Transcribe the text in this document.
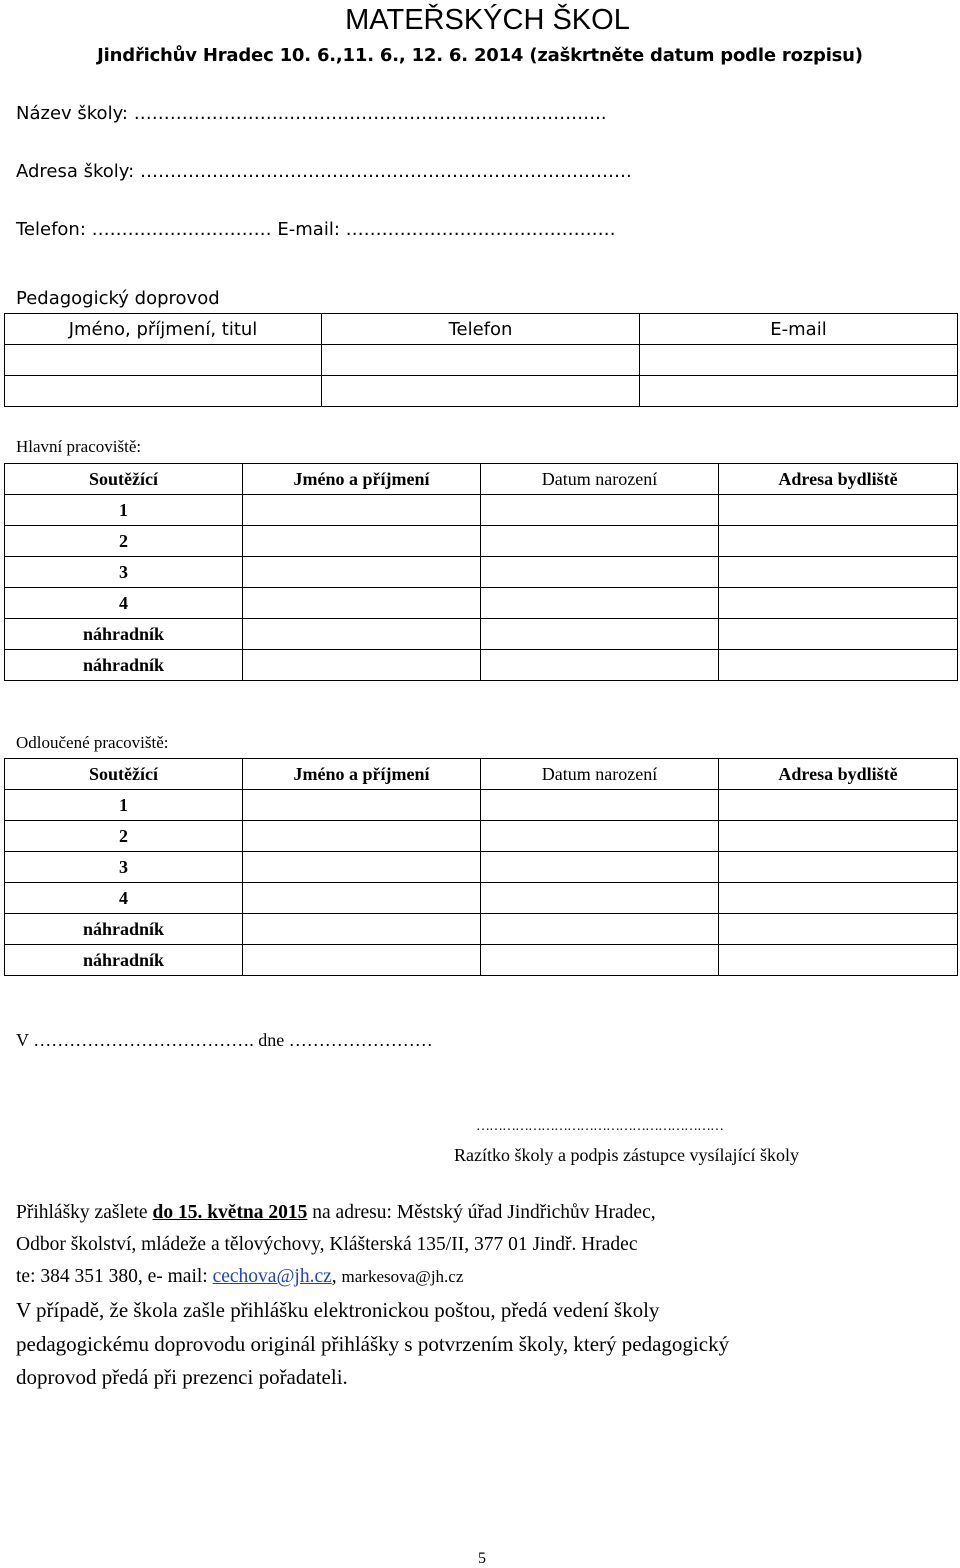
MATEŘSKÝCH ŠKOL
Jindřichův Hradec 10. 6.,11. 6., 12. 6. 2014 (zaškrtněte datum podle rozpisu)
Název školy: ……………………..……………………………………………..
Adresa školy: ……………………………………………………………………….
Telefon: ………………………… E-mail: ………………………………………
Pedagogický doprovod
Jméno, příjmení, titul	Telefon	E-mail

Hlavní pracoviště:
Soutěžící	Jméno a příjmení	Datum narození	Adresa bydliště
1			
2			
3			
4			
náhradník			
náhradník			
Odloučené pracoviště:
Soutěžící	Jméno a příjmení	Datum narození	Adresa bydliště
1			
2			
3			
4			
náhradník			
náhradník			
V ………………………………. dne ……………………
…………………………………………………
Razítko školy a podpis zástupce vysílající školy
Přihlášky zašlete do 15. května 2015 na adresu: Městský úřad Jindřichův Hradec,
Odbor školství, mládeže a tělovýchovy, Klášterská 135/II, 377 01 Jindř. Hradec
te: 384 351 380, e- mail: cechova@jh.cz, markesova@jh.cz
V případě, že škola zašle přihlášku elektronickou poštou, předá vedení školy
pedagogickému doprovodu originál přihlášky s potvrzením školy, který pedagogický
doprovod předá při prezenci pořadateli.
5
